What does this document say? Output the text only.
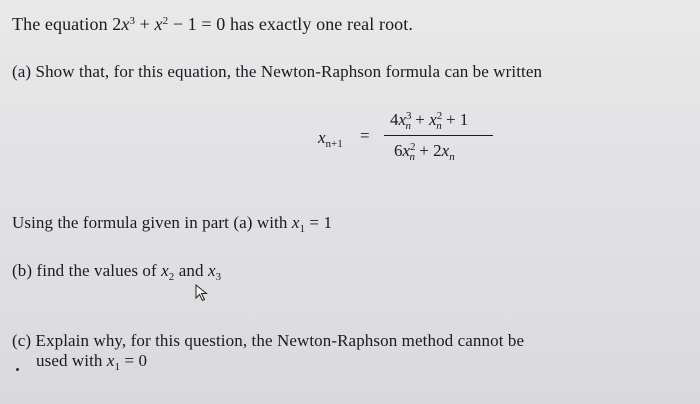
The equation $2x^3 + x^2 - 1 = 0$ has exactly one real root.
(a) Show that, for this equation, the Newton-Raphson formula can be written
$x_{n+1}$ =
$4x^3_n + x^2_n + 1$
$6x^2_n + 2x_n$
Using the formula given in part (a) with $x_1 = 1$
(b) find the values of $x_2$ and $x_3$
(c) Explain why, for this question, the Newton-Raphson method cannot be
used with $x_1 = 0$
